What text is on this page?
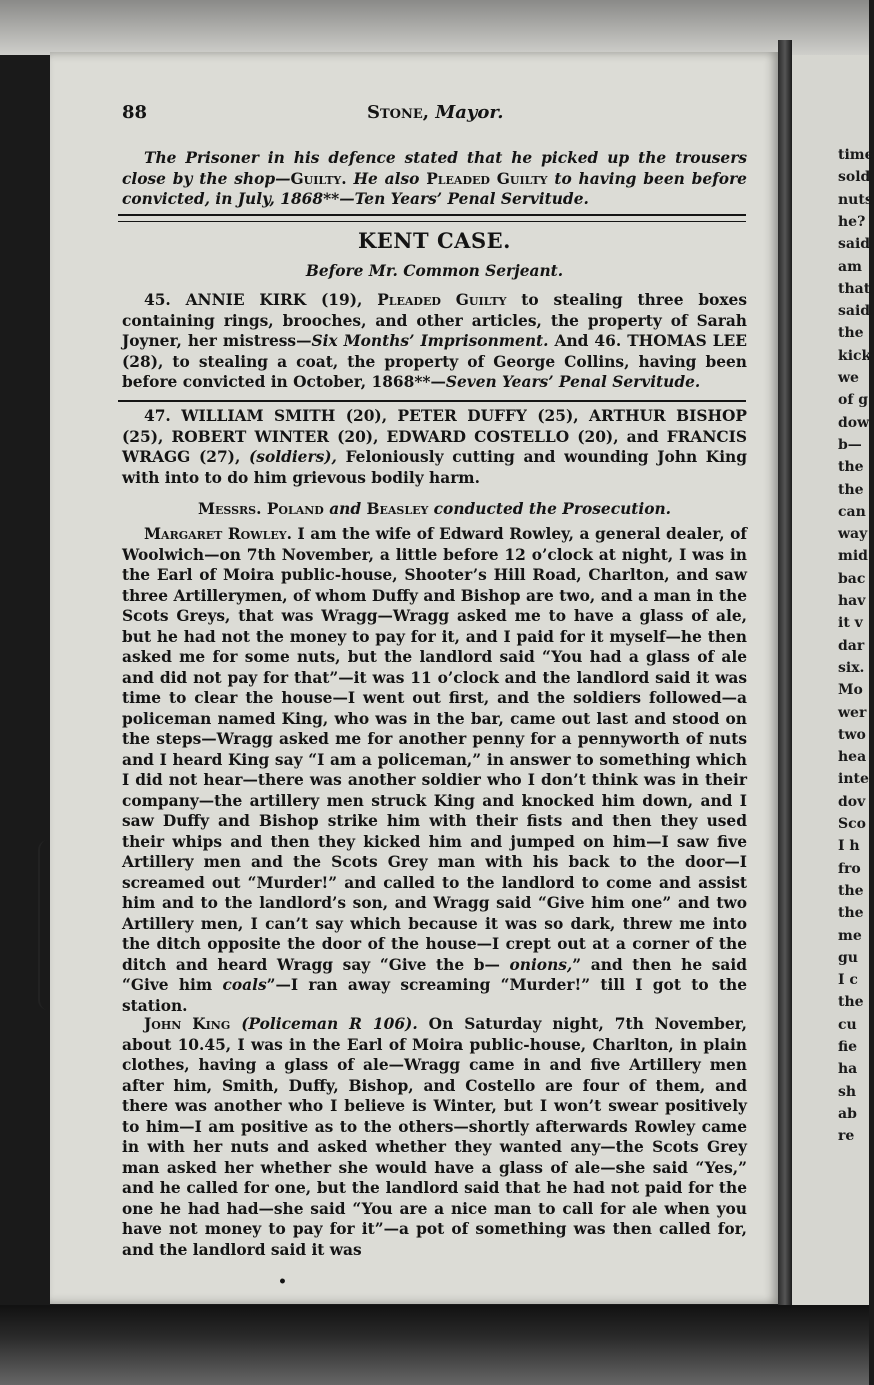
88	Stone, Mayor.

The Prisoner in his defence stated that he picked up the trousers close by the shop—Guilty. He also Pleaded Guilty to having been before convicted, in July, 1868**—Ten Years’ Penal Servitude.

KENT CASE.
Before Mr. Common Serjeant.

45. ANNIE KIRK (19), Pleaded Guilty to stealing three boxes containing rings, brooches, and other articles, the property of Sarah Joyner, her mistress—Six Months’ Imprisonment. And 46. THOMAS LEE (28), to stealing a coat, the property of George Collins, having been before convicted in October, 1868**—Seven Years’ Penal Servitude.

47. WILLIAM SMITH (20), PETER DUFFY (25), ARTHUR BISHOP (25), ROBERT WINTER (20), EDWARD COSTELLO (20), and FRANCIS WRAGG (27), (soldiers), Feloniously cutting and wounding John King with into to do him grievous bodily harm.

Messrs. Poland and Beasley conducted the Prosecution.

Margaret Rowley. I am the wife of Edward Rowley, a general dealer, of Woolwich—on 7th November, a little before 12 o’clock at night, I was in the Earl of Moira public-house, Shooter’s Hill Road, Charlton, and saw three Artillerymen, of whom Duffy and Bishop are two, and a man in the Scots Greys, that was Wragg—Wragg asked me to have a glass of ale, but he had not the money to pay for it, and I paid for it myself—he then asked me for some nuts, but the landlord said “You had a glass of ale and did not pay for that”—it was 11 o’clock and the landlord said it was time to clear the house—I went out first, and the soldiers followed—a policeman named King, who was in the bar, came out last and stood on the steps—Wragg asked me for another penny for a pennyworth of nuts and I heard King say “I am a policeman,” in answer to something which I did not hear—there was another soldier who I don’t think was in their company—the artillery men struck King and knocked him down, and I saw Duffy and Bishop strike him with their fists and then they used their whips and then they kicked him and jumped on him—I saw five Artillery men and the Scots Grey man with his back to the door—I screamed out “Murder!” and called to the landlord to come and assist him and to the landlord’s son, and Wragg said “Give him one” and two Artillery men, I can’t say which because it was so dark, threw me into the ditch opposite the door of the house—I crept out at a corner of the ditch and heard Wragg say “Give the b— onions,” and then he said “Give him coals”—I ran away screaming “Murder!” till I got to the station.

John King (Policeman R 106). On Saturday night, 7th November, about 10.45, I was in the Earl of Moira public-house, Charlton, in plain clothes, having a glass of ale—Wragg came in and five Artillery men after him, Smith, Duffy, Bishop, and Costello are four of them, and there was another who I believe is Winter, but I won’t swear positively to him—I am positive as to the others—shortly afterwards Rowley came in with her nuts and asked whether they wanted any—the Scots Grey man asked her whether she would have a glass of ale—she said “Yes,” and he called for one, but the landlord said that he had not paid for the one he had had—she said “You are a nice man to call for ale when you have not money to pay for it”—a pot of something was then called for, and the landlord said it was

•
time
sold
nuts
he?
said
am
that
said
the
kick
we
of g
dow
b—
the
the
can
way
mid
bac
hav
it v
dar
six.
Mo
wer
two
hea
inte
dov
Sco
I h
fro
the
the
me
gu
I c
the
cu
fie
ha
sh
ab
re
